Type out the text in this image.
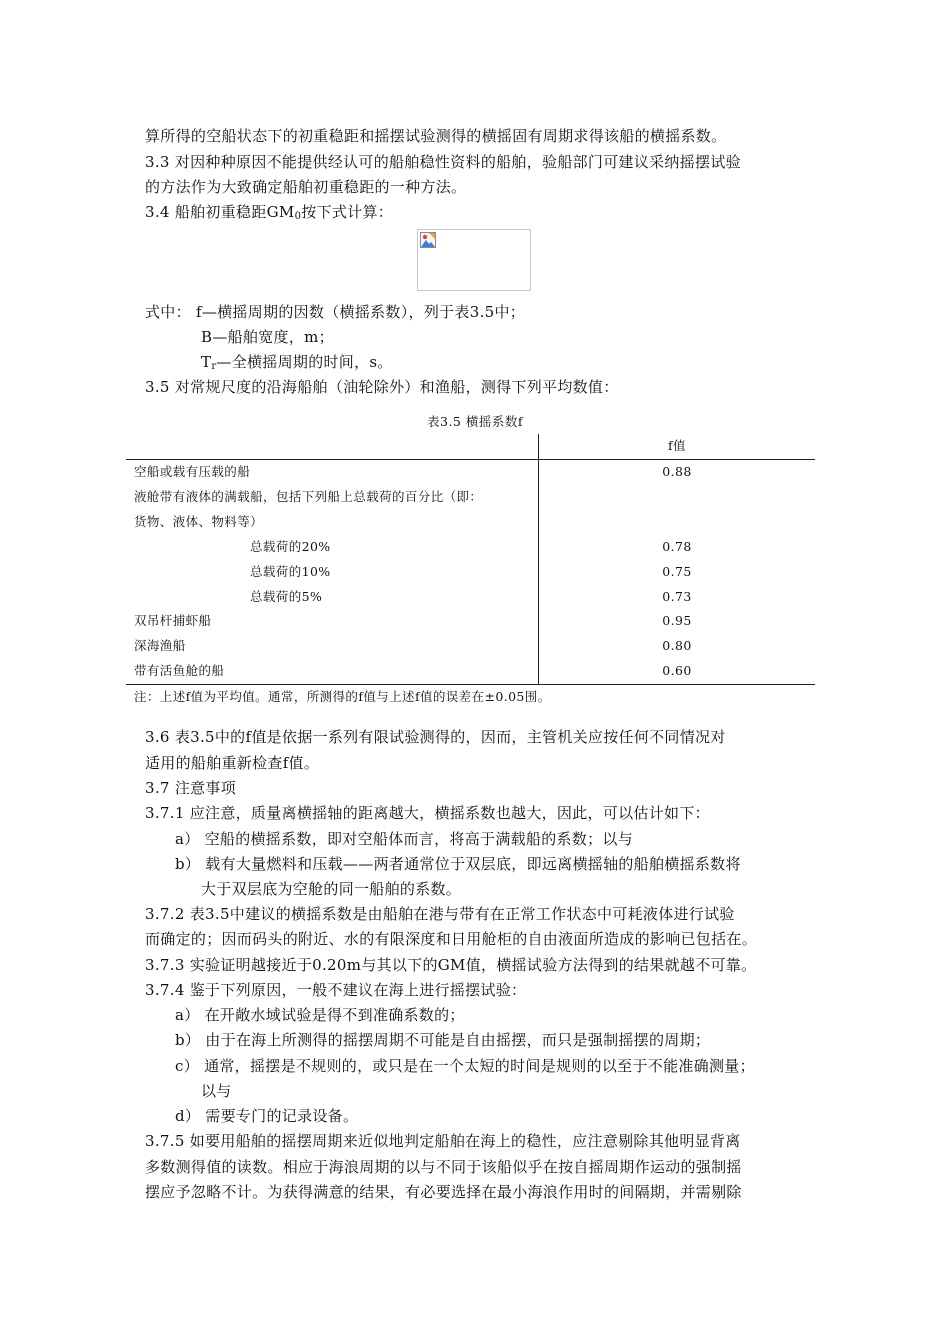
算所得的空船状态下的初重稳距和摇摆试验测得的横摇固有周期求得该船的横摇系数。
3.3 对因种种原因不能提供经认可的船舶稳性资料的船舶，验船部门可建议采纳摇摆试验
的方法作为大致确定船舶初重稳距的一种方法。
3.4 船舶初重稳距$GM_0$按下式计算：
式中： f—横摇周期的因数（横摇系数），列于表3.5中；
B—船舶宽度，m；
$T_r—$全横摇周期的时间，s。
3.5 对常规尺度的沿海船舶（油轮除外）和渔船，测得下列平均数值：
表3.5 横摇系数f
	f值
空船或载有压载的船	0.88
液舱带有液体的满载船，包括下列船上总载荷的百分比（即：	
货物、液体、物料等）	
总载荷的20%	0.78
总载荷的10%	0.75
总载荷的5%	0.73
双吊杆捕虾船	0.95
深海渔船	0.80
带有活鱼舱的船	0.60
注：上述f值为平均值。通常，所测得的f值与上述f值的误差在±0.05围。	
3.6 表3.5中的f值是依据一系列有限试验测得的，因而，主管机关应按任何不同情况对
适用的船舶重新检查f值。
3.7 注意事项
3.7.1 应注意，质量离横摇轴的距离越大，横摇系数也越大，因此，可以估计如下：
a） 空船的横摇系数，即对空船体而言，将高于满载船的系数；以与
b） 载有大量燃料和压载——两者通常位于双层底，即远离横摇轴的船舶横摇系数将
大于双层底为空舱的同一船舶的系数。
3.7.2 表3.5中建议的横摇系数是由船舶在港与带有在正常工作状态中可耗液体进行试验
而确定的；因而码头的附近、水的有限深度和日用舱柜的自由液面所造成的影响已包括在。
3.7.3 实验证明越接近于0.20m与其以下的GM值，横摇试验方法得到的结果就越不可靠。
3.7.4 鉴于下列原因，一般不建议在海上进行摇摆试验：
a） 在开敞水域试验是得不到准确系数的；
b） 由于在海上所测得的摇摆周期不可能是自由摇摆，而只是强制摇摆的周期；
c） 通常，摇摆是不规则的，或只是在一个太短的时间是规则的以至于不能准确测量；
以与
d） 需要专门的记录设备。
3.7.5 如要用船舶的摇摆周期来近似地判定船舶在海上的稳性，应注意剔除其他明显背离
多数测得值的读数。相应于海浪周期的以与不同于该船似乎在按自摇周期作运动的强制摇
摆应予忽略不计。为获得满意的结果，有必要选择在最小海浪作用时的间隔期，并需剔除
